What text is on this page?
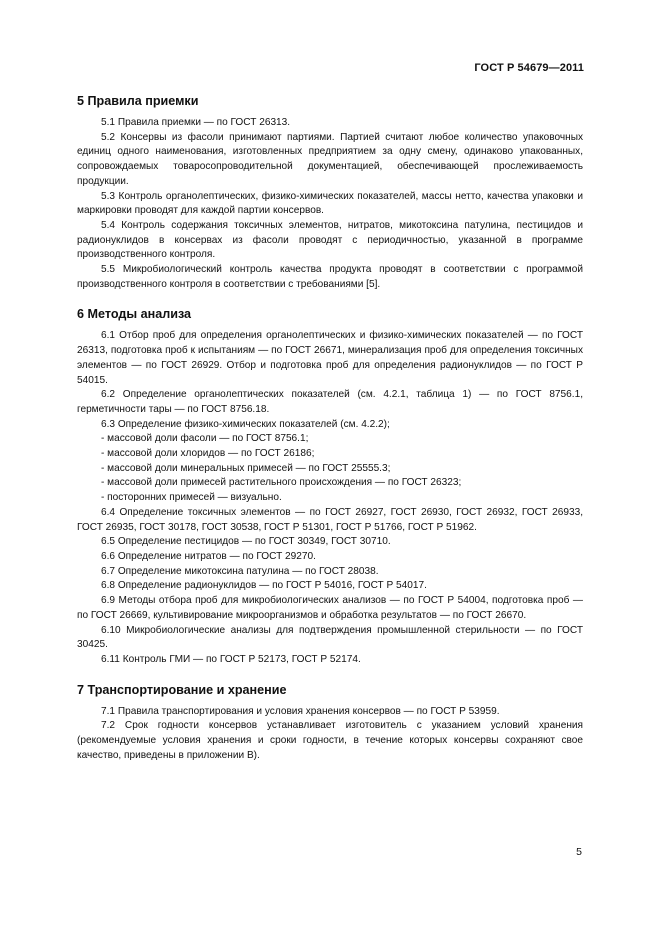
ГОСТ Р 54679—2011
5 Правила приемки

5.1 Правила приемки — по ГОСТ 26313.

5.2 Консервы из фасоли принимают партиями. Партией считают любое количество упаковочных единиц одного наименования, изготовленных предприятием за одну смену, одинаково упакованных, сопровождаемых товаросопроводительной документацией, обеспечивающей прослеживаемость продукции.

5.3 Контроль органолептических, физико-химических показателей, массы нетто, качества упаковки и маркировки проводят для каждой партии консервов.

5.4 Контроль содержания токсичных элементов, нитратов, микотоксина патулина, пестицидов и радионуклидов в консервах из фасоли проводят с периодичностью, указанной в программе производственного контроля.

5.5 Микробиологический контроль качества продукта проводят в соответствии с программой производственного контроля в соответствии с требованиями [5].

6 Методы анализа

6.1 Отбор проб для определения органолептических и физико-химических показателей — по ГОСТ 26313, подготовка проб к испытаниям — по ГОСТ 26671, минерализация проб для определения токсичных элементов — по ГОСТ 26929. Отбор и подготовка проб для определения радионуклидов — по ГОСТ Р 54015.

6.2 Определение органолептических показателей (см. 4.2.1, таблица 1) — по ГОСТ 8756.1, герметичности тары — по ГОСТ 8756.18.

6.3 Определение физико-химических показателей (см. 4.2.2);

- массовой доли фасоли — по ГОСТ 8756.1;

- массовой доли хлоридов — по ГОСТ 26186;

- массовой доли минеральных примесей — по ГОСТ 25555.3;

- массовой доли примесей растительного происхождения — по ГОСТ 26323;

- посторонних примесей — визуально.

6.4 Определение токсичных элементов — по ГОСТ 26927, ГОСТ 26930, ГОСТ 26932, ГОСТ 26933, ГОСТ 26935, ГОСТ 30178, ГОСТ 30538, ГОСТ Р 51301, ГОСТ Р 51766, ГОСТ Р 51962.

6.5 Определение пестицидов — по ГОСТ 30349, ГОСТ 30710.

6.6 Определение нитратов — по ГОСТ 29270.

6.7 Определение микотоксина патулина — по ГОСТ 28038.

6.8 Определение радионуклидов — по ГОСТ Р 54016, ГОСТ Р 54017.

6.9 Методы отбора проб для микробиологических анализов — по ГОСТ Р 54004, подготовка проб — по ГОСТ 26669, культивирование микроорганизмов и обработка результатов — по ГОСТ 26670.

6.10 Микробиологические анализы для подтверждения промышленной стерильности — по ГОСТ 30425.

6.11 Контроль ГМИ — по ГОСТ Р 52173, ГОСТ Р 52174.

7 Транспортирование и хранение

7.1 Правила транспортирования и условия хранения консервов — по ГОСТ Р 53959.

7.2 Срок годности консервов устанавливает изготовитель с указанием условий хранения (рекомендуемые условия хранения и сроки годности, в течение которых консервы сохраняют свое качество, приведены в приложении В).

5
